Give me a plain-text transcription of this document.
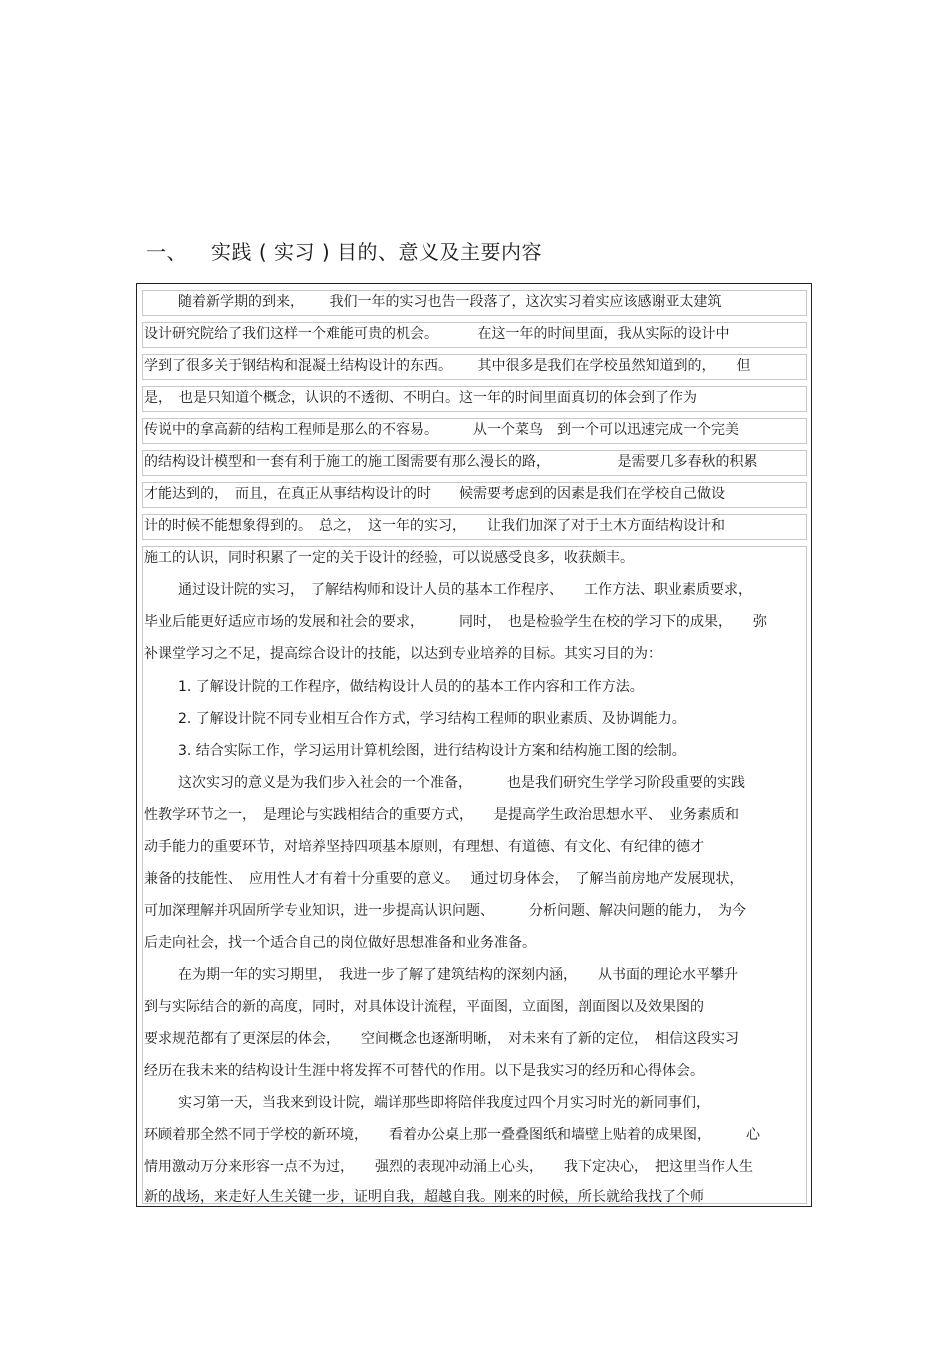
一、 实践 ( 实习 ) 目的、意义及主要内容
随着新学期的到来，　　 我们一年的实习也告一段落了，这次实习着实应该感谢亚太建筑
设计研究院给了我们这样一个难能可贵的机会。　　　 在这一年的时间里面，我从实际的设计中
学到了很多关于钢结构和混凝土结构设计的东西。　　 其中很多是我们在学校虽然知道到的，　　但
是，　也是只知道个概念，认识的不透彻、不明白。这一年的时间里面真切的体会到了作为
传说中的拿高薪的结构工程师是那么的不容易。　　　从一个菜鸟　到一个可以迅速完成一个完美
的结构设计模型和一套有利于施工的施工图需要有那么漫长的路，　　　　　 是需要几多春秋的积累
才能达到的，　而且，在真正从事结构设计的时　　候需要考虑到的因素是我们在学校自己做设
计的时候不能想象得到的。　总之，　这一年的实习，　　让我们加深了对于土木方面结构设计和
施工的认识，同时积累了一定的关于设计的经验，可以说感受良多，收获颇丰。
通过设计院的实习，　了解结构师和设计人员的基本工作程序、　　工作方法、职业素质要求，
毕业后能更好适应市场的发展和社会的要求，　　　同时，　也是检验学生在校的学习下的成果，　　弥
补课堂学习之不足，提高综合设计的技能，以达到专业培养的目标。其实习目的为：
1. 了解设计院的工作程序，做结构设计人员的的基本工作内容和工作方法。
2. 了解设计院不同专业相互合作方式，学习结构工程师的职业素质、及协调能力。
3. 结合实际工作，学习运用计算机绘图，进行结构设计方案和结构施工图的绘制。
这次实习的意义是为我们步入社会的一个准备，　　　也是我们研究生学学习阶段重要的实践
性教学环节之一，　是理论与实践相结合的重要方式，　　是提高学生政治思想水平、　业务素质和
动手能力的重要环节，对培养坚持四项基本原则，有理想、有道德、有文化、有纪律的德才
兼备的技能性、　应用性人才有着十分重要的意义。　 通过切身体会，　了解当前房地产发展现状，
可加深理解并巩固所学专业知识，进一步提高认识问题、　　　分析问题、解决问题的能力，　为今
后走向社会，找一个适合自己的岗位做好思想准备和业务准备。
在为期一年的实习期里，　我进一步了解了建筑结构的深刻内涵，　　从书面的理论水平攀升
到与实际结合的新的高度，同时，对具体设计流程，平面图，立面图，剖面图以及效果图的
要求规范都有了更深层的体会，　　空间概念也逐渐明晰，　对未来有了新的定位，　相信这段实习
经历在我未来的结构设计生涯中将发挥不可替代的作用。以下是我实习的经历和心得体会。
实习第一天，当我来到设计院，端详那些即将陪伴我度过四个月实习时光的新同事们，
环顾着那全然不同于学校的新环境，　　看着办公桌上那一叠叠图纸和墙壁上贴着的成果图，　　　心
情用激动万分来形容一点不为过，　　强烈的表现冲动涌上心头，　　我下定决心，　把这里当作人生
新的战场，来走好人生关键一步，证明自我，超越自我。刚来的时候，所长就给我找了个师
